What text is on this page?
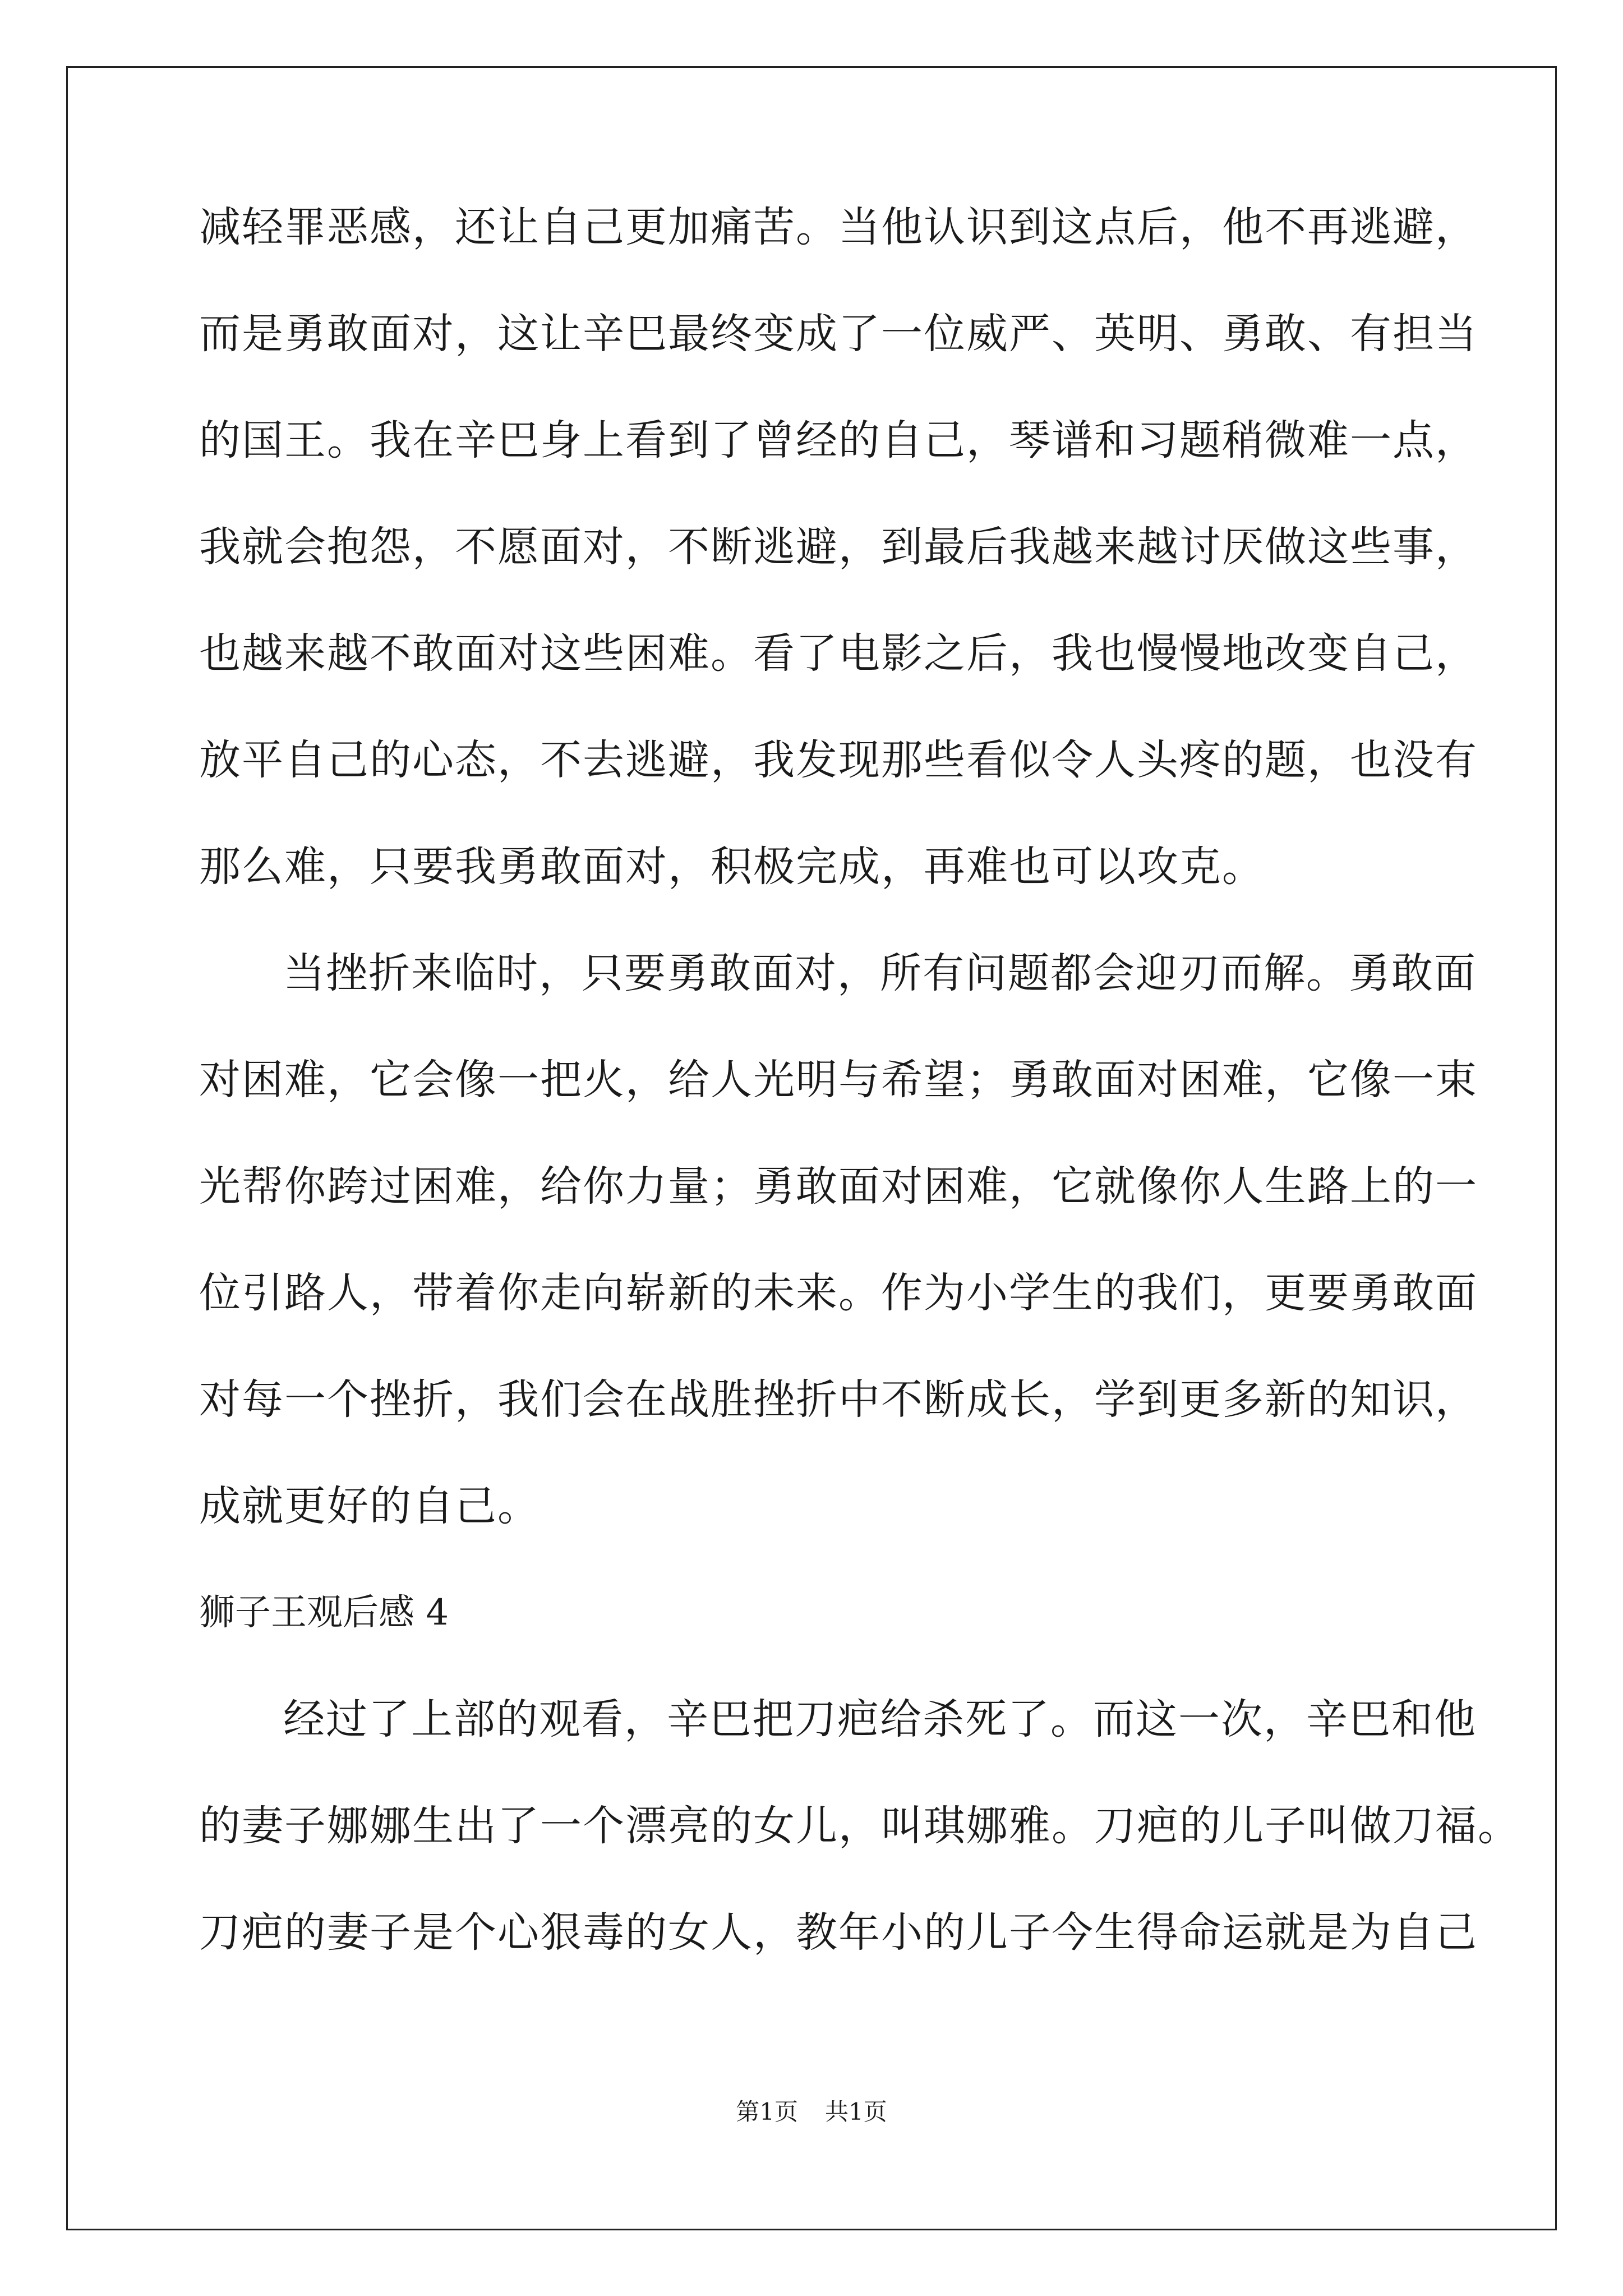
减轻罪恶感，还让自己更加痛苦。当他认识到这点后，他不再逃避，
而是勇敢面对，这让辛巴最终变成了一位威严、英明、勇敢、有担当
的国王。我在辛巴身上看到了曾经的自己，琴谱和习题稍微难一点，
我就会抱怨，不愿面对，不断逃避，到最后我越来越讨厌做这些事，
也越来越不敢面对这些困难。看了电影之后，我也慢慢地改变自己，
放平自己的心态，不去逃避，我发现那些看似令人头疼的题，也没有
那么难，只要我勇敢面对，积极完成，再难也可以攻克。
当挫折来临时，只要勇敢面对，所有问题都会迎刃而解。勇敢面
对困难，它会像一把火，给人光明与希望；勇敢面对困难，它像一束
光帮你跨过困难，给你力量；勇敢面对困难，它就像你人生路上的一
位引路人，带着你走向崭新的未来。作为小学生的我们，更要勇敢面
对每一个挫折，我们会在战胜挫折中不断成长，学到更多新的知识，
成就更好的自己。
狮子王观后感 4
经过了上部的观看，辛巴把刀疤给杀死了。而这一次，辛巴和他
的妻子娜娜生出了一个漂亮的女儿，叫琪娜雅。刀疤的儿子叫做刀福。
刀疤的妻子是个心狠毒的女人，教年小的儿子今生得命运就是为自己
第1页 共1页
